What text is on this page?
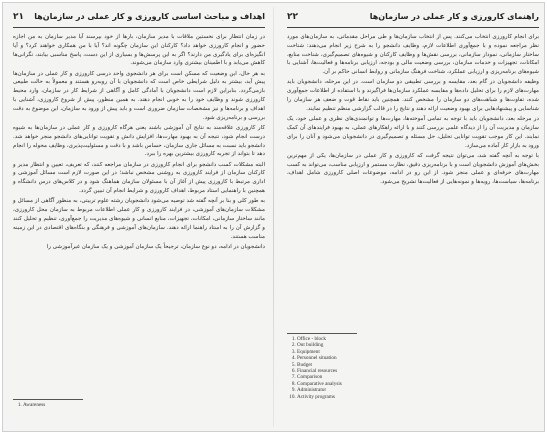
اهداف و مباحث اساسی کارورزی و کار عملی در سازمان‌ها
۲۱

در زمان انتظار برای نخستین ملاقات با مدیر سازمان، بارها از خود بپرسند آیا مدیر سازمان به من اجازه حضور و انجام کارورزی خواهد داد؟ کارکنان این سازمان چگونه اند؟ آیا با من همکاری خواهند کرد؟ و آیا انگیزه‌ای برای یادگیری من دارند؟ اگر به این پرسش‌ها و بسیاری از این دست، پاسخ مناسبی بیابند، نگرانی‌ها کاهش می‌یابد و با اطمینان بیشتری وارد سازمان می‌شوند.

به هر حال، این وضعیت که مسکن است برای هر دانشجوی واحد درسی کارورزی و کار عملی در سازمان‌ها پیش آید، بیشتر به دلیل شرایطی خاص است که دانشجویان با آن روبه‌رو هستند و معمولاً به حالت طبیعی بازمی‌گردد. بنابراین لازم است دانشجویان با آمادگی کامل و آگاهی از شرایط کار در سازمان، وارد محیط کارورزی شوند و وظایف خود را به خوبی انجام دهند. به همین منظور، پیش از شروع کارورزی، آشنایی با اهداف و برنامه‌ها و نیز مشخصات سازمان ضروری است و باید پیش از ورود به سازمان، این موضوع به دقت بررسی و برنامه‌ریزی شود.

کار کارورزی علاقه‌مند به نتایج آن آموزشی باشند یعنی هرگاه کارورزی و کار عملی در سازمان‌ها به شیوه درست انجام شود، نتیجه آن به بهبود مهارت‌ها، افزایش دانش و تقویت توانایی‌های دانشجو منجر خواهد شد. دانشجو باید نسبت به مسائل جاری سازمان، حساس باشد و با دقت و مسئولیت‌پذیری، وظایف محوله را انجام دهد تا بتواند از تجربه کارورزی بیشترین بهره را ببرد.

البته مشکلات کسب دانشجو برای انجام کارورزی در سازمان مراجعه کنند، که تعریف، تعیین و انتظار مدیر و کارکنان سازمان از فرایند کارورزی به روشنی مشخص نباشد؛ در این صورت لازم است مسائل آموزشی و اداری مرتبط با کارورزی پیش از آغاز آن با مسئولان سازمان هماهنگ شود و در کلاس‌های درس دانشگاه و همچنین با راهنمایی استاد مربوط، اهداف کارورزی و شرایط انجام آن تبیین گردد.

به طور کلی و بنا بر آنچه گفته شد توصیه می‌شود دانشجویان رشته علوم تربیتی، به منظور آگاهی از مسائل و مشکلات سازمان‌های آموزشی، در فرایند کارورزی و کار عملی اطلاعات مربوط به سازمان محل کارورزی، مانند ساختار سازمانی، امکانات، تجهیزات، منابع انسانی و شیوه‌های مدیریت را جمع‌آوری، تنظیم و تحلیل کنند و گزارش آن را به استاد راهنما ارائه دهند. سازمان‌های آموزشی و فرهنگی و بنگاه‌های اقتصادی در این زمینه مناسب هستند.

دانشجویان در ادامه، دو نوع سازمان، ترجیحاً یک سازمان آموزشی و یک سازمان غیرآموزشی را

1. Awareness
راهنمای کارورزی و کار عملی در سازمان‌ها
۲۲

برای انجام کارورزی انتخاب می‌کنند. پس از انتخاب سازمان‌ها و طی مراحل مقدماتی، به سازمان‌های مورد نظر مراجعه نموده و با جمع‌آوری اطلاعات لازم، وظایف دانشجو را به شرح زیر انجام می‌دهند: شناخت ساختار سازمانی، نمودار سازمانی، بررسی نقش‌ها و وظایف کارکنان و شیوه‌های تصمیم‌گیری، شناخت منابع، امکانات، تجهیزات و خدمات سازمان، بررسی وضعیت مالی و بودجه، ارزیابی برنامه‌ها و فعالیت‌ها، آشنایی با شیوه‌های برنامه‌ریزی و ارزیابی عملکرد، شناخت فرهنگ سازمانی و روابط انسانی حاکم بر آن.

وظیفه دانشجویان در گام بعد، مقایسه و بررسی تطبیقی دو سازمان است. در این مرحله، دانشجویان باید مهارت‌های لازم را برای تحلیل داده‌ها و مقایسه عملکرد سازمان‌ها فراگیرند و با استفاده از اطلاعات جمع‌آوری شده، تفاوت‌ها و شباهت‌های دو سازمان را مشخص کنند. همچنین باید نقاط قوت و ضعف هر سازمان را شناسایی و پیشنهادهایی برای بهبود وضعیت ارائه دهند و نتایج را در قالب گزارشی منظم تنظیم نمایند.

در مرحله بعد، دانشجویان باید با توجه به تمامی آموخته‌ها، مهارت‌ها و توانمندی‌های نظری و عملی خود، یک سازمان و مدیریت آن را از دیدگاه علمی بررسی کنند و با ارائه راهکارهای عملی، به بهبود فرایندهای آن کمک نمایند. این کار موجب تقویت توانایی تحلیل، حل مسئله و تصمیم‌گیری در دانشجویان می‌شود و آنان را برای ورود به بازار کار آماده می‌سازد.

با توجه به آنچه گفته شد، می‌توان نتیجه گرفت که کارورزی و کار عملی در سازمان‌ها، یکی از مهم‌ترین بخش‌های آموزش دانشجویان است و با برنامه‌ریزی دقیق، نظارت مستمر و ارزیابی مناسب، می‌تواند به کسب مهارت‌های حرفه‌ای و عملی منجر شود. از این رو در ادامه، موضوعات اصلی کارورزی شامل اهداف، برنامه‌ها، سیاست‌ها، رویه‌ها و نمونه‌هایی از فعالیت‌ها تشریح می‌شود.

1. Office - block
2. Out building
3. Equipment
4. Personnel situation
5. Budget
6. Financial resources
7. Comparison
8. Comparative analysis
9. Administrator
10. Activity programs
